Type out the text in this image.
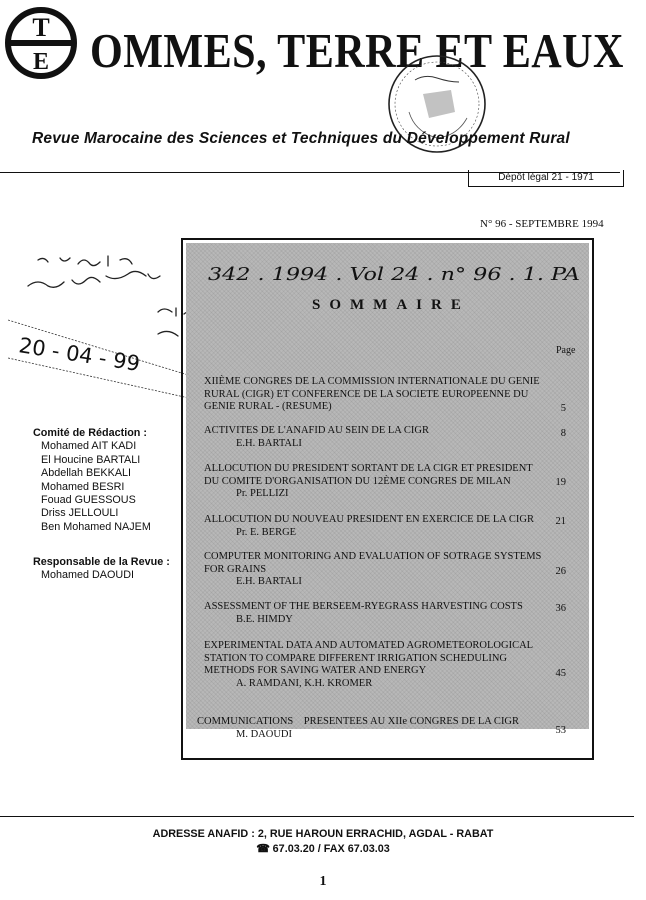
T
E OMMES, TERRE ET EAUX
Revue Marocaine des Sciences et Techniques du Développement Rural
Dépôt légal 21 - 1971
N° 96 - SEPTEMBRE 1994
20 - 04 - 99
Comité de Rédaction :
Mohamed AIT KADI
El Houcine BARTALI
Abdellah BEKKALI
Mohamed BESRI
Fouad GUESSOUS
Driss JELLOULI
Ben Mohamed NAJEM
Responsable de la Revue :
Mohamed DAOUDI
342 . 1994 . Vol 24 . n° 96 . 1. PA
SOMMAIRE
Page
XIIÈME CONGRES DE LA COMMISSION INTERNATIONALE DU GENIE RURAL (CIGR) ET CONFERENCE DE LA SOCIETE EUROPEENNE DU GENIE RURAL - (RESUME)	5
ACTIVITES DE L'ANAFID AU SEIN DE LA CIGR
E.H. BARTALI
8
ALLOCUTION DU PRESIDENT SORTANT DE LA CIGR ET PRESIDENT DU COMITE D'ORGANISATION DU 12ÈME CONGRES DE MILAN
Pr. PELLIZI
19
ALLOCUTION DU NOUVEAU PRESIDENT EN EXERCICE DE LA CIGR
Pr. E. BERGE
21
COMPUTER MONITORING AND EVALUATION OF SOTRAGE SYSTEMS FOR GRAINS
E.H. BARTALI
26
ASSESSMENT OF THE BERSEEM-RYEGRASS HARVESTING COSTS
B.E. HIMDY
36
EXPERIMENTAL DATA AND AUTOMATED AGROMETEOROLOGICAL STATION TO COMPARE DIFFERENT IRRIGATION SCHEDULING METHODS FOR SAVING WATER AND ENERGY
A. RAMDANI, K.H. KROMER
45
COMMUNICATIONS PRESENTEES AU XIIe CONGRES DE LA CIGR
M. DAOUDI	53
ADRESSE ANAFID : 2, RUE HAROUN ERRACHID, AGDAL - RABAT
☎ 67.03.20 / FAX 67.03.03
1
